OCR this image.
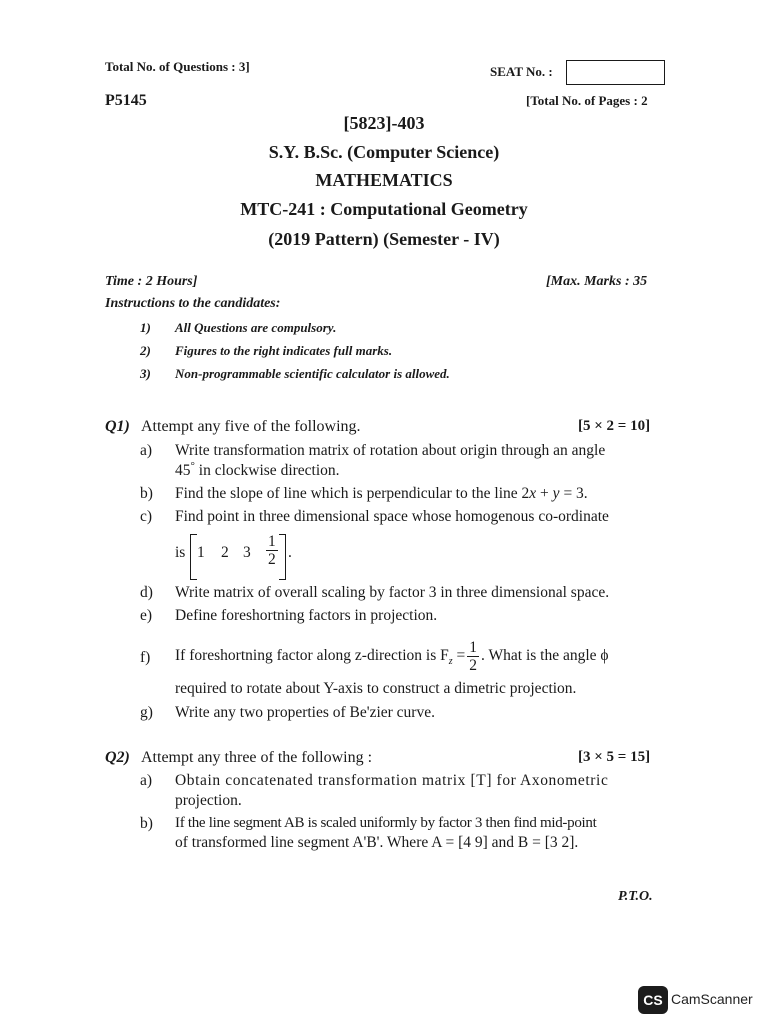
Total No. of Questions : 3]	SEAT No. :
P5145	[Total No. of Pages : 2
[5823]-403
S.Y. B.Sc. (Computer Science)
MATHEMATICS
MTC-241 : Computational Geometry
(2019 Pattern) (Semester - IV)
Time : 2 Hours]	[Max. Marks : 35
Instructions to the candidates:
1) All Questions are compulsory.
2) Figures to the right indicates full marks.
3) Non-programmable scientific calculator is allowed.
Q1) Attempt any five of the following.	[5 × 2 = 10]
a) Write transformation matrix of rotation about origin through an angle
45° in clockwise direction.
b) Find the slope of line which is perpendicular to the line 2x + y = 3.
c) Find point in three dimensional space whose homogenous co-ordinate
is 1 2 $3 \frac{1}{2}$ .
d) Write matrix of overall scaling by factor 3 in three dimensional space.
e) Define foreshortning factors in projection.
f) If foreshortning factor along z-direction is $F_z = \frac{1}{2}$ . What is the angle ϕ
required to rotate about Y-axis to construct a dimetric projection.
g) Write any two properties of Be'zier curve.
Q2) Attempt any three of the following :	[3 × 5 = 15]
a) Obtain concatenated transformation matrix [T] for Axonometric
projection.
b) If the line segment AB is scaled uniformly by factor 3 then find mid-point
of transformed line segment A'B'. Where A = [4 9] and B = [3 2].
P.T.O.
CS CamScanner
